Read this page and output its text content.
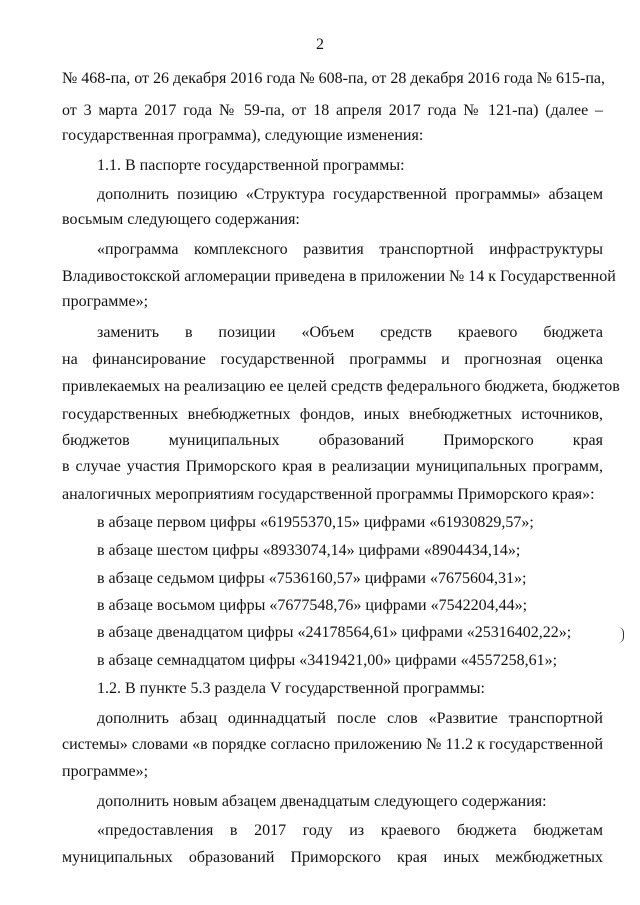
2

№ 468-па, от 26 декабря 2016 года № 608-па, от 28 декабря 2016 года № 615-па,

от 3 марта 2017 года № 59-па, от 18 апреля 2017 года № 121-па) (далее –

государственная программа), следующие изменения:

1.1. В паспорте государственной программы:

дополнить позицию «Структура государственной программы» абзацем

восьмым следующего содержания:

«программа комплексного развития транспортной инфраструктуры

Владивостокской агломерации приведена в приложении № 14 к Государственной

программе»;

заменить в позиции «Объем средств краевого бюджета

на финансирование государственной программы и прогнозная оценка

привлекаемых на реализацию ее целей средств федерального бюджета, бюджетов

государственных внебюджетных фондов, иных внебюджетных источников,

бюджетов муниципальных образований Приморского края

в случае участия Приморского края в реализации муниципальных программ,

аналогичных мероприятиям государственной программы Приморского края»:

в абзаце первом цифры «61955370,15» цифрами «61930829,57»;

в абзаце шестом цифры «8933074,14» цифрами «8904434,14»;

в абзаце седьмом цифры «7536160,57» цифрами «7675604,31»;

в абзаце восьмом цифры «7677548,76» цифрами «7542204,44»;

в абзаце двенадцатом цифры «24178564,61» цифрами «25316402,22»;

в абзаце семнадцатом цифры «3419421,00» цифрами «4557258,61»;

1.2. В пункте 5.3 раздела V государственной программы:

дополнить абзац одиннадцатый после слов «Развитие транспортной

системы» словами «в порядке согласно приложению № 11.2 к государственной

программе»;

дополнить новым абзацем двенадцатым следующего содержания:

«предоставления в 2017 году из краевого бюджета бюджетам

муниципальных образований Приморского края иных межбюджетных
